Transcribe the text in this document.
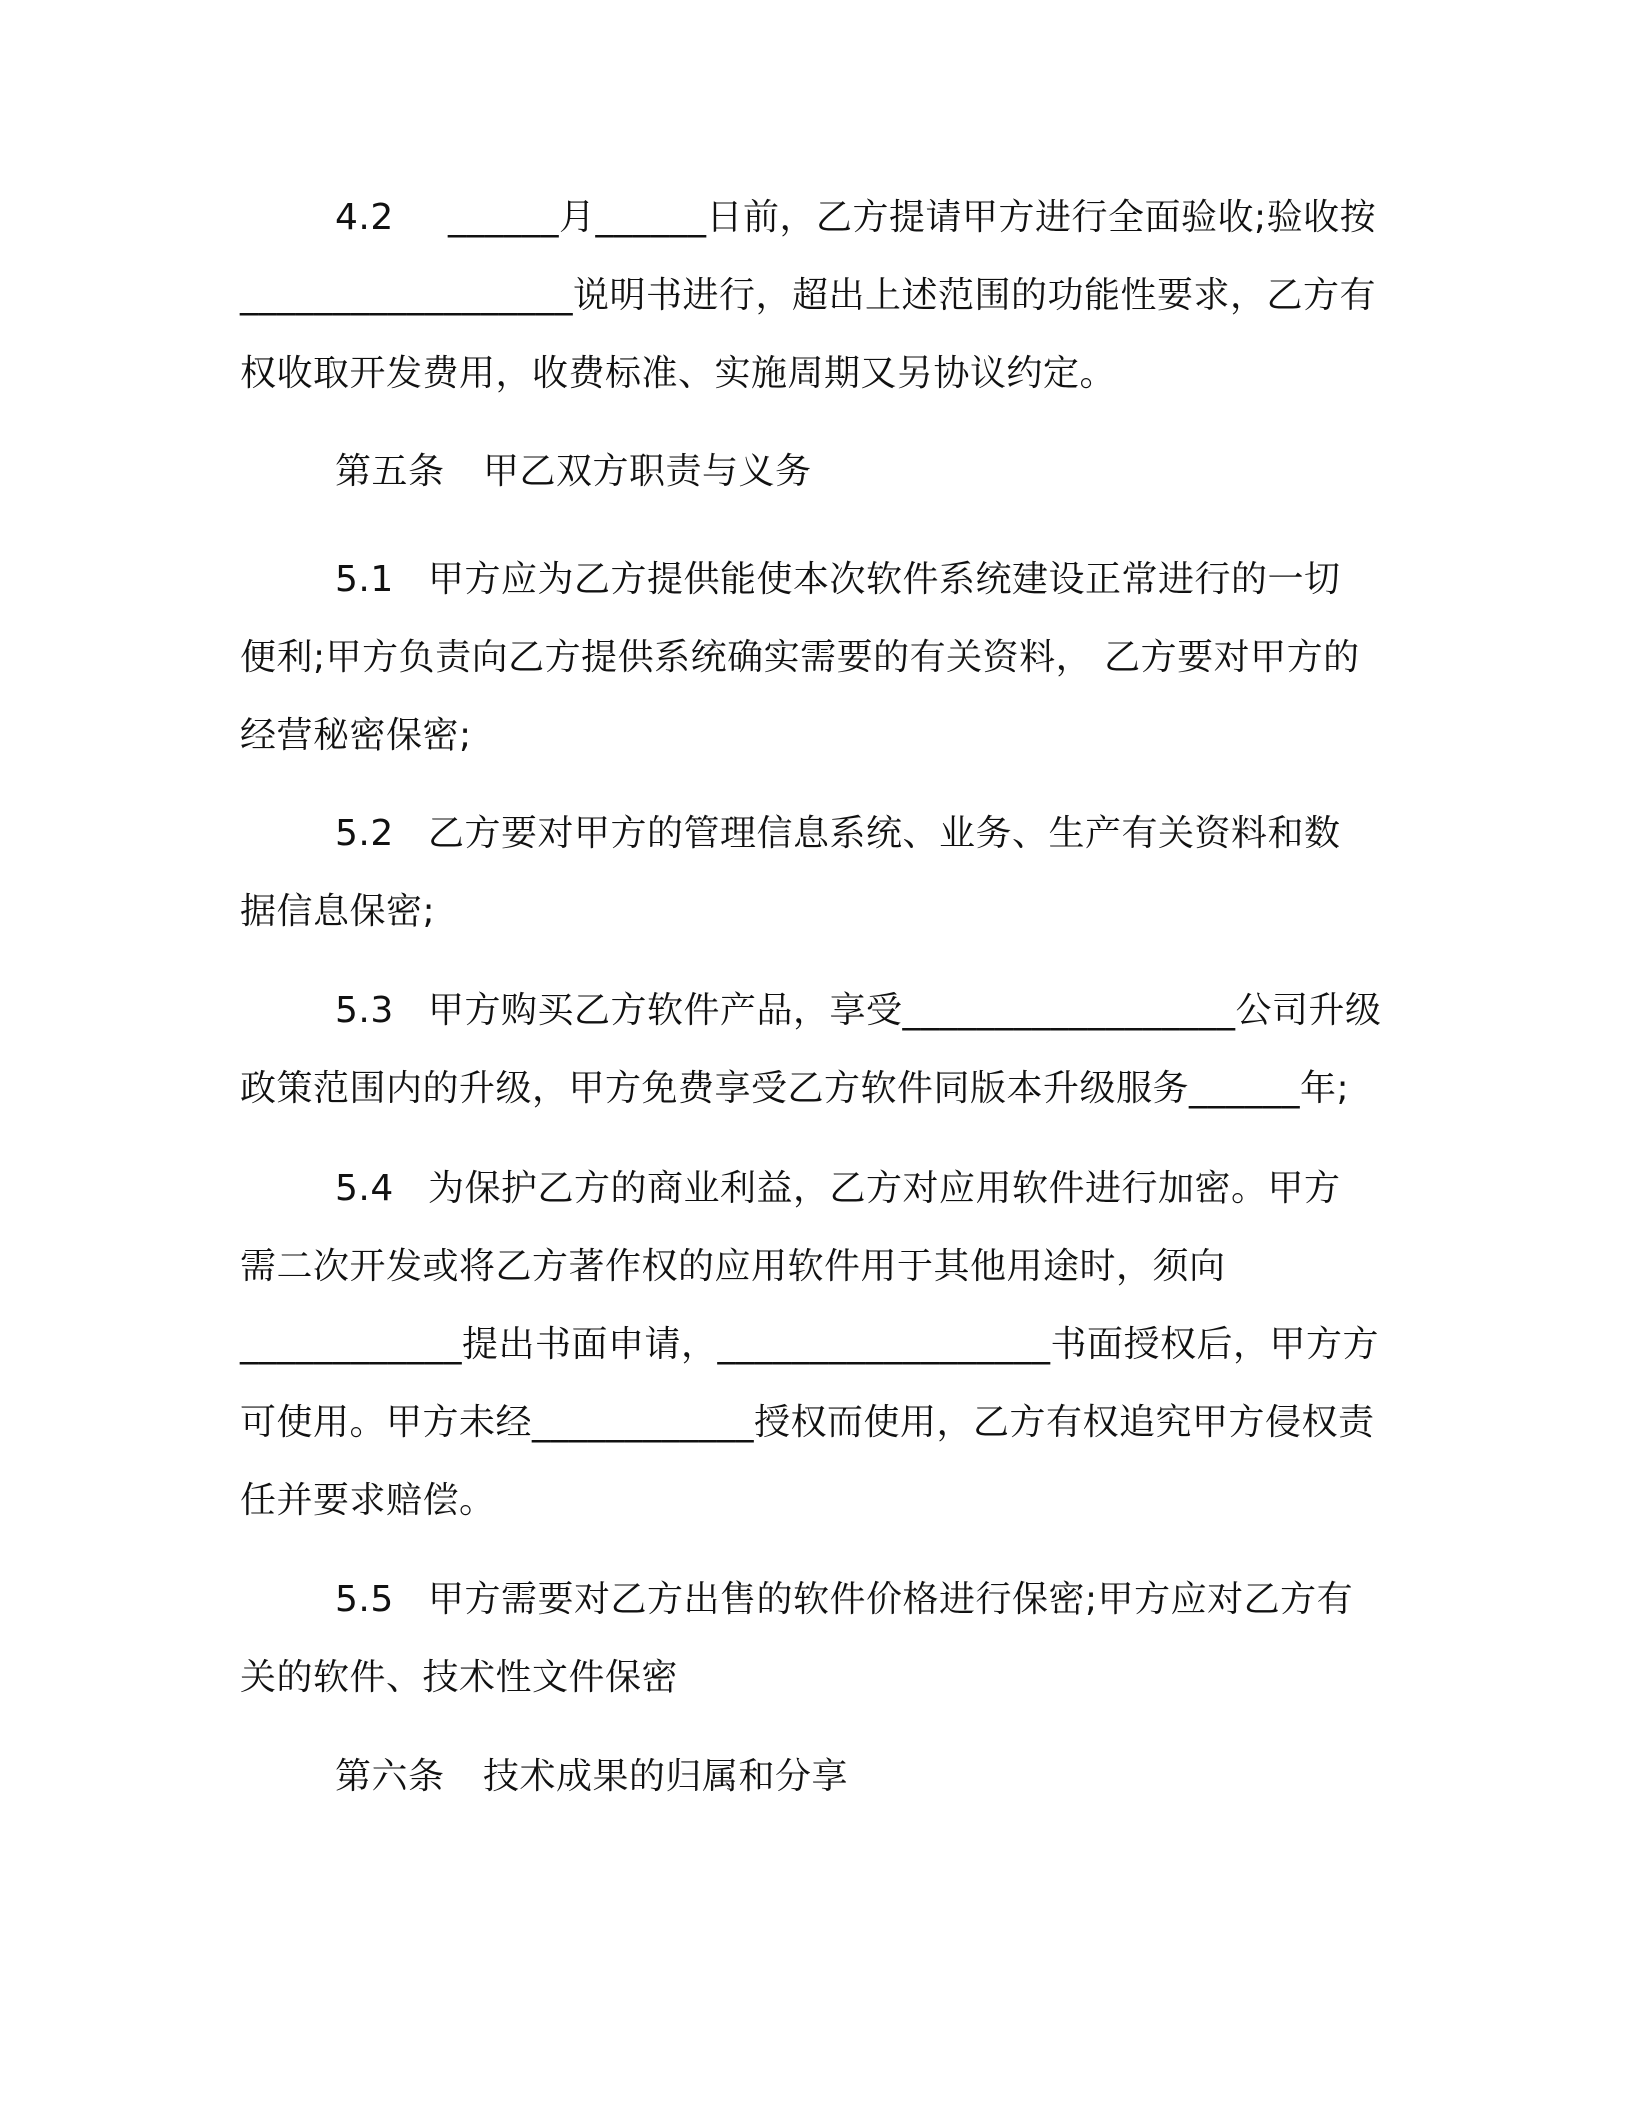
4.2 ______月______日前，乙方提请甲方进行全面验收;验收按
__________________说明书进行，超出上述范围的功能性要求，乙方有
权收取开发费用，收费标准、实施周期又另协议约定。
第五条 甲乙双方职责与义务
5.1 甲方应为乙方提供能使本次软件系统建设正常进行的一切
便利;甲方负责向乙方提供系统确实需要的有关资料， 乙方要对甲方的
经营秘密保密;
5.2 乙方要对甲方的管理信息系统、业务、生产有关资料和数
据信息保密;
5.3 甲方购买乙方软件产品，享受__________________公司升级
政策范围内的升级，甲方免费享受乙方软件同版本升级服务______年;
5.4 为保护乙方的商业利益，乙方对应用软件进行加密。甲方
需二次开发或将乙方著作权的应用软件用于其他用途时，须向
____________提出书面申请，__________________书面授权后，甲方方
可使用。甲方未经____________授权而使用，乙方有权追究甲方侵权责
任并要求赔偿。
5.5 甲方需要对乙方出售的软件价格进行保密;甲方应对乙方有
关的软件、技术性文件保密
第六条 技术成果的归属和分享
